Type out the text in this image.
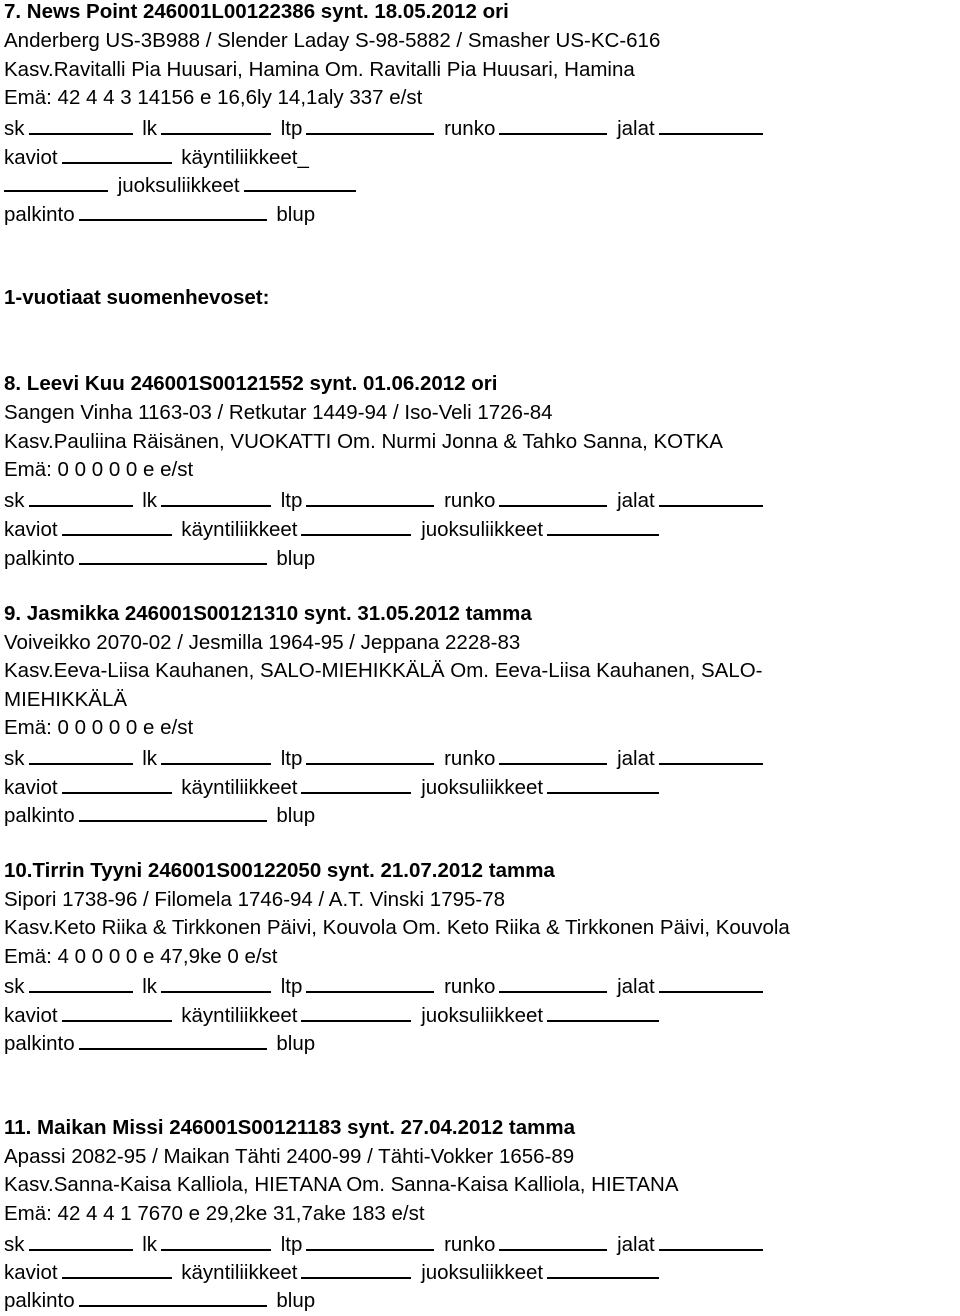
7. News Point 246001L00122386 synt. 18.05.2012 ori
Anderberg US-3B988 / Slender Laday S-98-5882 / Smasher US-KC-616
Kasv.Ravitalli Pia Huusari, Hamina Om. Ravitalli Pia Huusari, Hamina
Emä: 42 4 4 3 14156 e 16,6ly 14,1aly 337 e/st
sk	lk	ltp	runko	jalat
kaviot	käyntiliikkeet_
juoksuliikkeet
palkinto	blup
1-vuotiaat suomenhevoset:
8. Leevi Kuu 246001S00121552 synt. 01.06.2012 ori
Sangen Vinha 1163-03 / Retkutar 1449-94 / Iso-Veli 1726-84
Kasv.Pauliina Räisänen, VUOKATTI Om. Nurmi Jonna & Tahko Sanna, KOTKA
Emä: 0 0 0 0 0 e e/st
sk	lk	ltp	runko	jalat
kaviot	käyntiliikkeet	juoksuliikkeet
palkinto	blup
9. Jasmikka 246001S00121310 synt. 31.05.2012 tamma
Voiveikko 2070-02 / Jesmilla 1964-95 / Jeppana 2228-83
Kasv.Eeva-Liisa Kauhanen, SALO-MIEHIKKÄLÄ Om. Eeva-Liisa Kauhanen, SALO-
MIEHIKKÄLÄ
Emä: 0 0 0 0 0 e e/st
sk	lk	ltp	runko	jalat
kaviot	käyntiliikkeet	juoksuliikkeet
palkinto	blup
10.Tirrin Tyyni 246001S00122050 synt. 21.07.2012 tamma
Sipori 1738-96 / Filomela 1746-94 / A.T. Vinski 1795-78
Kasv.Keto Riika & Tirkkonen Päivi, Kouvola Om. Keto Riika & Tirkkonen Päivi, Kouvola
Emä: 4 0 0 0 0 e 47,9ke 0 e/st
sk	lk	ltp	runko	jalat
kaviot	käyntiliikkeet	juoksuliikkeet
palkinto	blup
11. Maikan Missi 246001S00121183 synt. 27.04.2012 tamma
Apassi 2082-95 / Maikan Tähti 2400-99 / Tähti-Vokker 1656-89
Kasv.Sanna-Kaisa Kalliola, HIETANA Om. Sanna-Kaisa Kalliola, HIETANA
Emä: 42 4 4 1 7670 e 29,2ke 31,7ake 183 e/st
sk	lk	ltp	runko	jalat
kaviot	käyntiliikkeet	juoksuliikkeet
palkinto	blup
